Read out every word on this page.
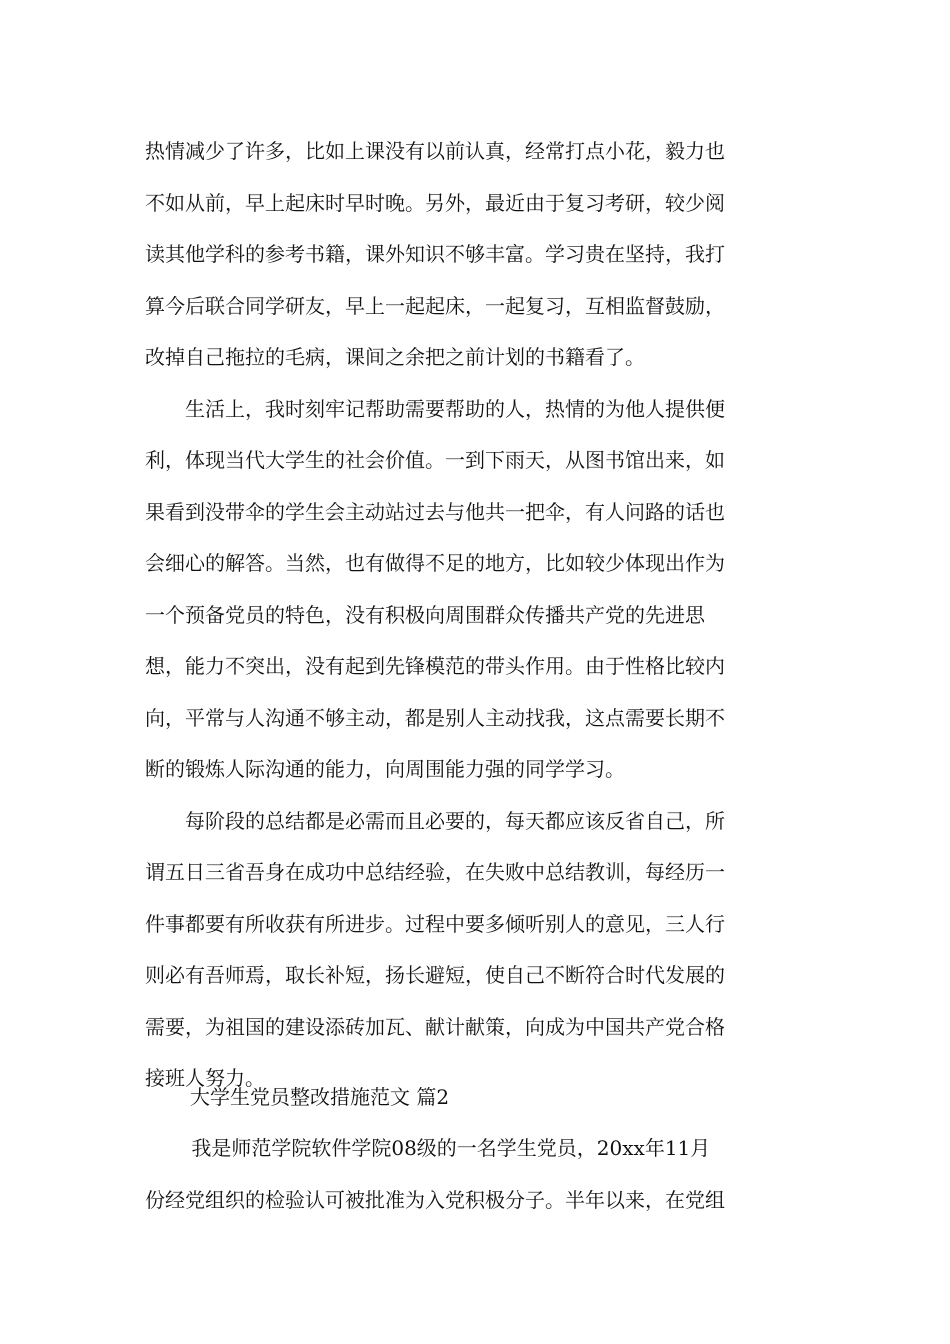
热情减少了许多，比如上课没有以前认真，经常打点小花，毅力也
不如从前，早上起床时早时晚。另外，最近由于复习考研，较少阅
读其他学科的参考书籍，课外知识不够丰富。学习贵在坚持，我打
算今后联合同学研友，早上一起起床，一起复习，互相监督鼓励，
改掉自己拖拉的毛病，课间之余把之前计划的书籍看了。
　　生活上，我时刻牢记帮助需要帮助的人，热情的为他人提供便
利，体现当代大学生的社会价值。一到下雨天，从图书馆出来，如
果看到没带伞的学生会主动站过去与他共一把伞，有人问路的话也
会细心的解答。当然，也有做得不足的地方，比如较少体现出作为
一个预备党员的特色，没有积极向周围群众传播共产党的先进思
想，能力不突出，没有起到先锋模范的带头作用。由于性格比较内
向，平常与人沟通不够主动，都是别人主动找我，这点需要长期不
断的锻炼人际沟通的能力，向周围能力强的同学学习。
　　每阶段的总结都是必需而且必要的，每天都应该反省自己，所
谓五日三省吾身在成功中总结经验，在失败中总结教训，每经历一
件事都要有所收获有所进步。过程中要多倾听别人的意见，三人行
则必有吾师焉，取长补短，扬长避短，使自己不断符合时代发展的
需要，为祖国的建设添砖加瓦、献计献策，向成为中国共产党合格
接班人努力。
大学生党员整改措施范文 篇2
　　 我是师范学院软件学院08级的一名学生党员，20xx年11月
份经党组织的检验认可被批准为入党积极分子。半年以来，在党组
